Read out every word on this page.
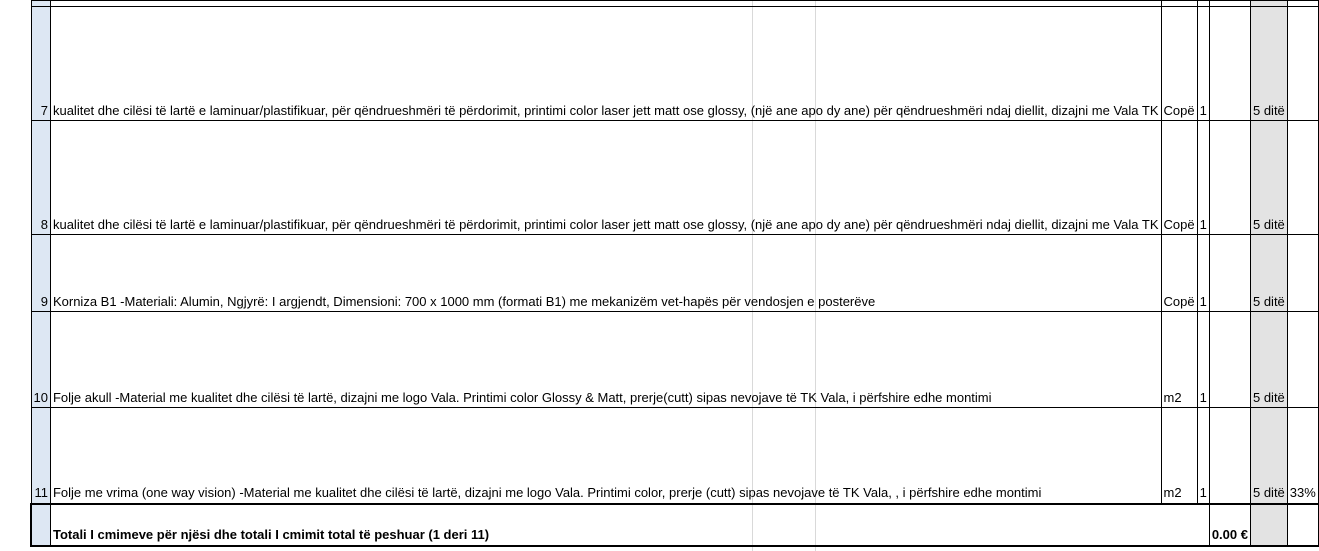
7	kualitet dhe cilësi të lartë e laminuar/plastifikuar, për qëndrueshmëri të përdorimit, printimi color laser jett matt ose glossy, (një ane apo dy ane) për qëndrueshmëri ndaj diellit, dizajni me Vala TK	Copë	1		5 ditë	
8	kualitet dhe cilësi të lartë e laminuar/plastifikuar, për qëndrueshmëri të përdorimit, printimi color laser jett matt ose glossy, (një ane apo dy ane) për qëndrueshmëri ndaj diellit, dizajni me Vala TK	Copë	1		5 ditë	
9	Korniza B1 -Materiali: Alumin, Ngjyrë: I argjendt, Dimensioni: 700 x 1000 mm (formati B1) me mekanizëm vet-hapës për vendosjen e posterëve	Copë	1		5 ditë	
10	Folje akull -Material me kualitet dhe cilësi të lartë, dizajni me logo Vala. Printimi color Glossy & Matt, prerje(cutt) sipas nevojave të TK Vala, i përfshire edhe montimi	m2	1		5 ditë	
11	Folje me vrima (one way vision) -Material me kualitet dhe cilësi të lartë, dizajni me logo Vala. Printimi color, prerje (cutt) sipas nevojave të TK Vala, , i përfshire edhe montimi	m2	1		5 ditë	33%
	Totali I cmimeve për njësi dhe totali I cmimit total të peshuar (1 deri 11)			0.00 €		
